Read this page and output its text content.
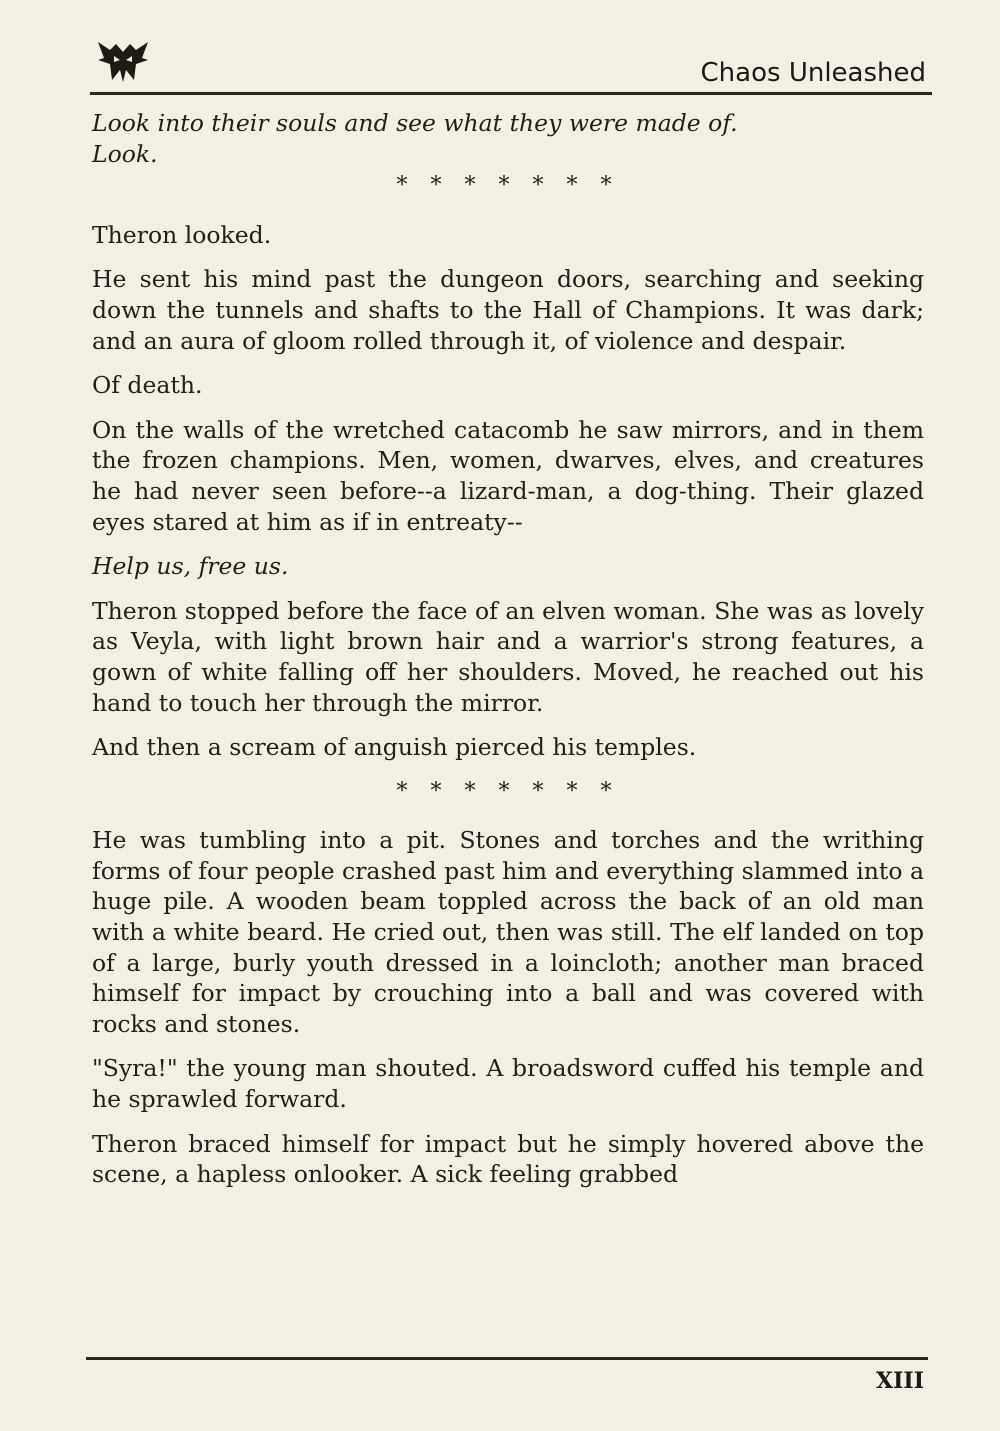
Chaos Unleashed

Look into their souls and see what they were made of.

Look.

* * * * * * *

Theron looked.

He sent his mind past the dungeon doors, searching and seeking down the tunnels and shafts to the Hall of Champions. It was dark; and an aura of gloom rolled through it, of violence and despair.

Of death.

On the walls of the wretched catacomb he saw mirrors, and in them the frozen champions. Men, women, dwarves, elves, and creatures he had never seen before--a lizard-man, a dog-thing. Their glazed eyes stared at him as if in entreaty--

Help us, free us.

Theron stopped before the face of an elven woman. She was as lovely as Veyla, with light brown hair and a warrior's strong features, a gown of white falling off her shoulders. Moved, he reached out his hand to touch her through the mirror.

And then a scream of anguish pierced his temples.

* * * * * * *

He was tumbling into a pit. Stones and torches and the writhing forms of four people crashed past him and everything slammed into a huge pile. A wooden beam toppled across the back of an old man with a white beard. He cried out, then was still. The elf landed on top of a large, burly youth dressed in a loincloth; another man braced himself for impact by crouching into a ball and was covered with rocks and stones.

"Syra!" the young man shouted. A broadsword cuffed his temple and he sprawled forward.

Theron braced himself for impact but he simply hovered above the scene, a hapless onlooker. A sick feeling grabbed

XIII
